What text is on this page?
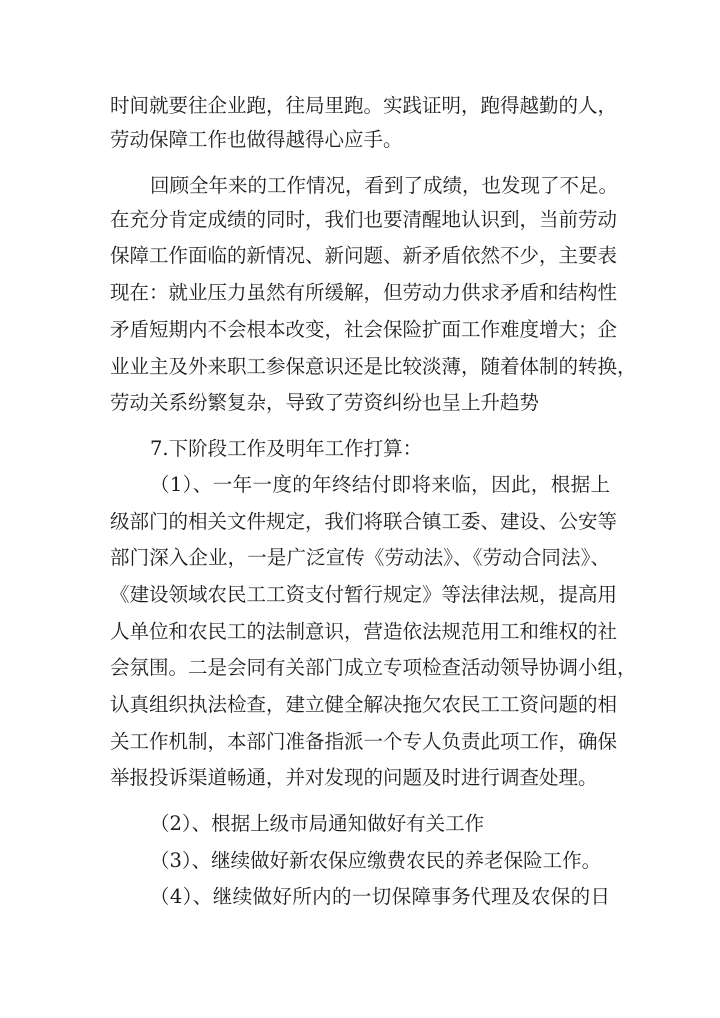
时间就要往企业跑，往局里跑。实践证明，跑得越勤的人，
劳动保障工作也做得越得心应手。
回顾全年来的工作情况，看到了成绩，也发现了不足。
在充分肯定成绩的同时，我们也要清醒地认识到，当前劳动
保障工作面临的新情况、新问题、新矛盾依然不少，主要表
现在：就业压力虽然有所缓解，但劳动力供求矛盾和结构性
矛盾短期内不会根本改变，社会保险扩面工作难度增大；企
业业主及外来职工参保意识还是比较淡薄，随着体制的转换，
劳动关系纷繁复杂，导致了劳资纠纷也呈上升趋势
7.下阶段工作及明年工作打算：
（1）、一年一度的年终结付即将来临，因此，根据上
级部门的相关文件规定，我们将联合镇工委、建设、公安等
部门深入企业，一是广泛宣传《劳动法》、《劳动合同法》、
《建设领域农民工工资支付暂行规定》等法律法规，提高用
人单位和农民工的法制意识，营造依法规范用工和维权的社
会氛围。二是会同有关部门成立专项检查活动领导协调小组，
认真组织执法检查，建立健全解决拖欠农民工工资问题的相
关工作机制，本部门准备指派一个专人负责此项工作，确保
举报投诉渠道畅通，并对发现的问题及时进行调查处理。
（2）、根据上级市局通知做好有关工作
（3）、继续做好新农保应缴费农民的养老保险工作。
（4）、继续做好所内的一切保障事务代理及农保的日
